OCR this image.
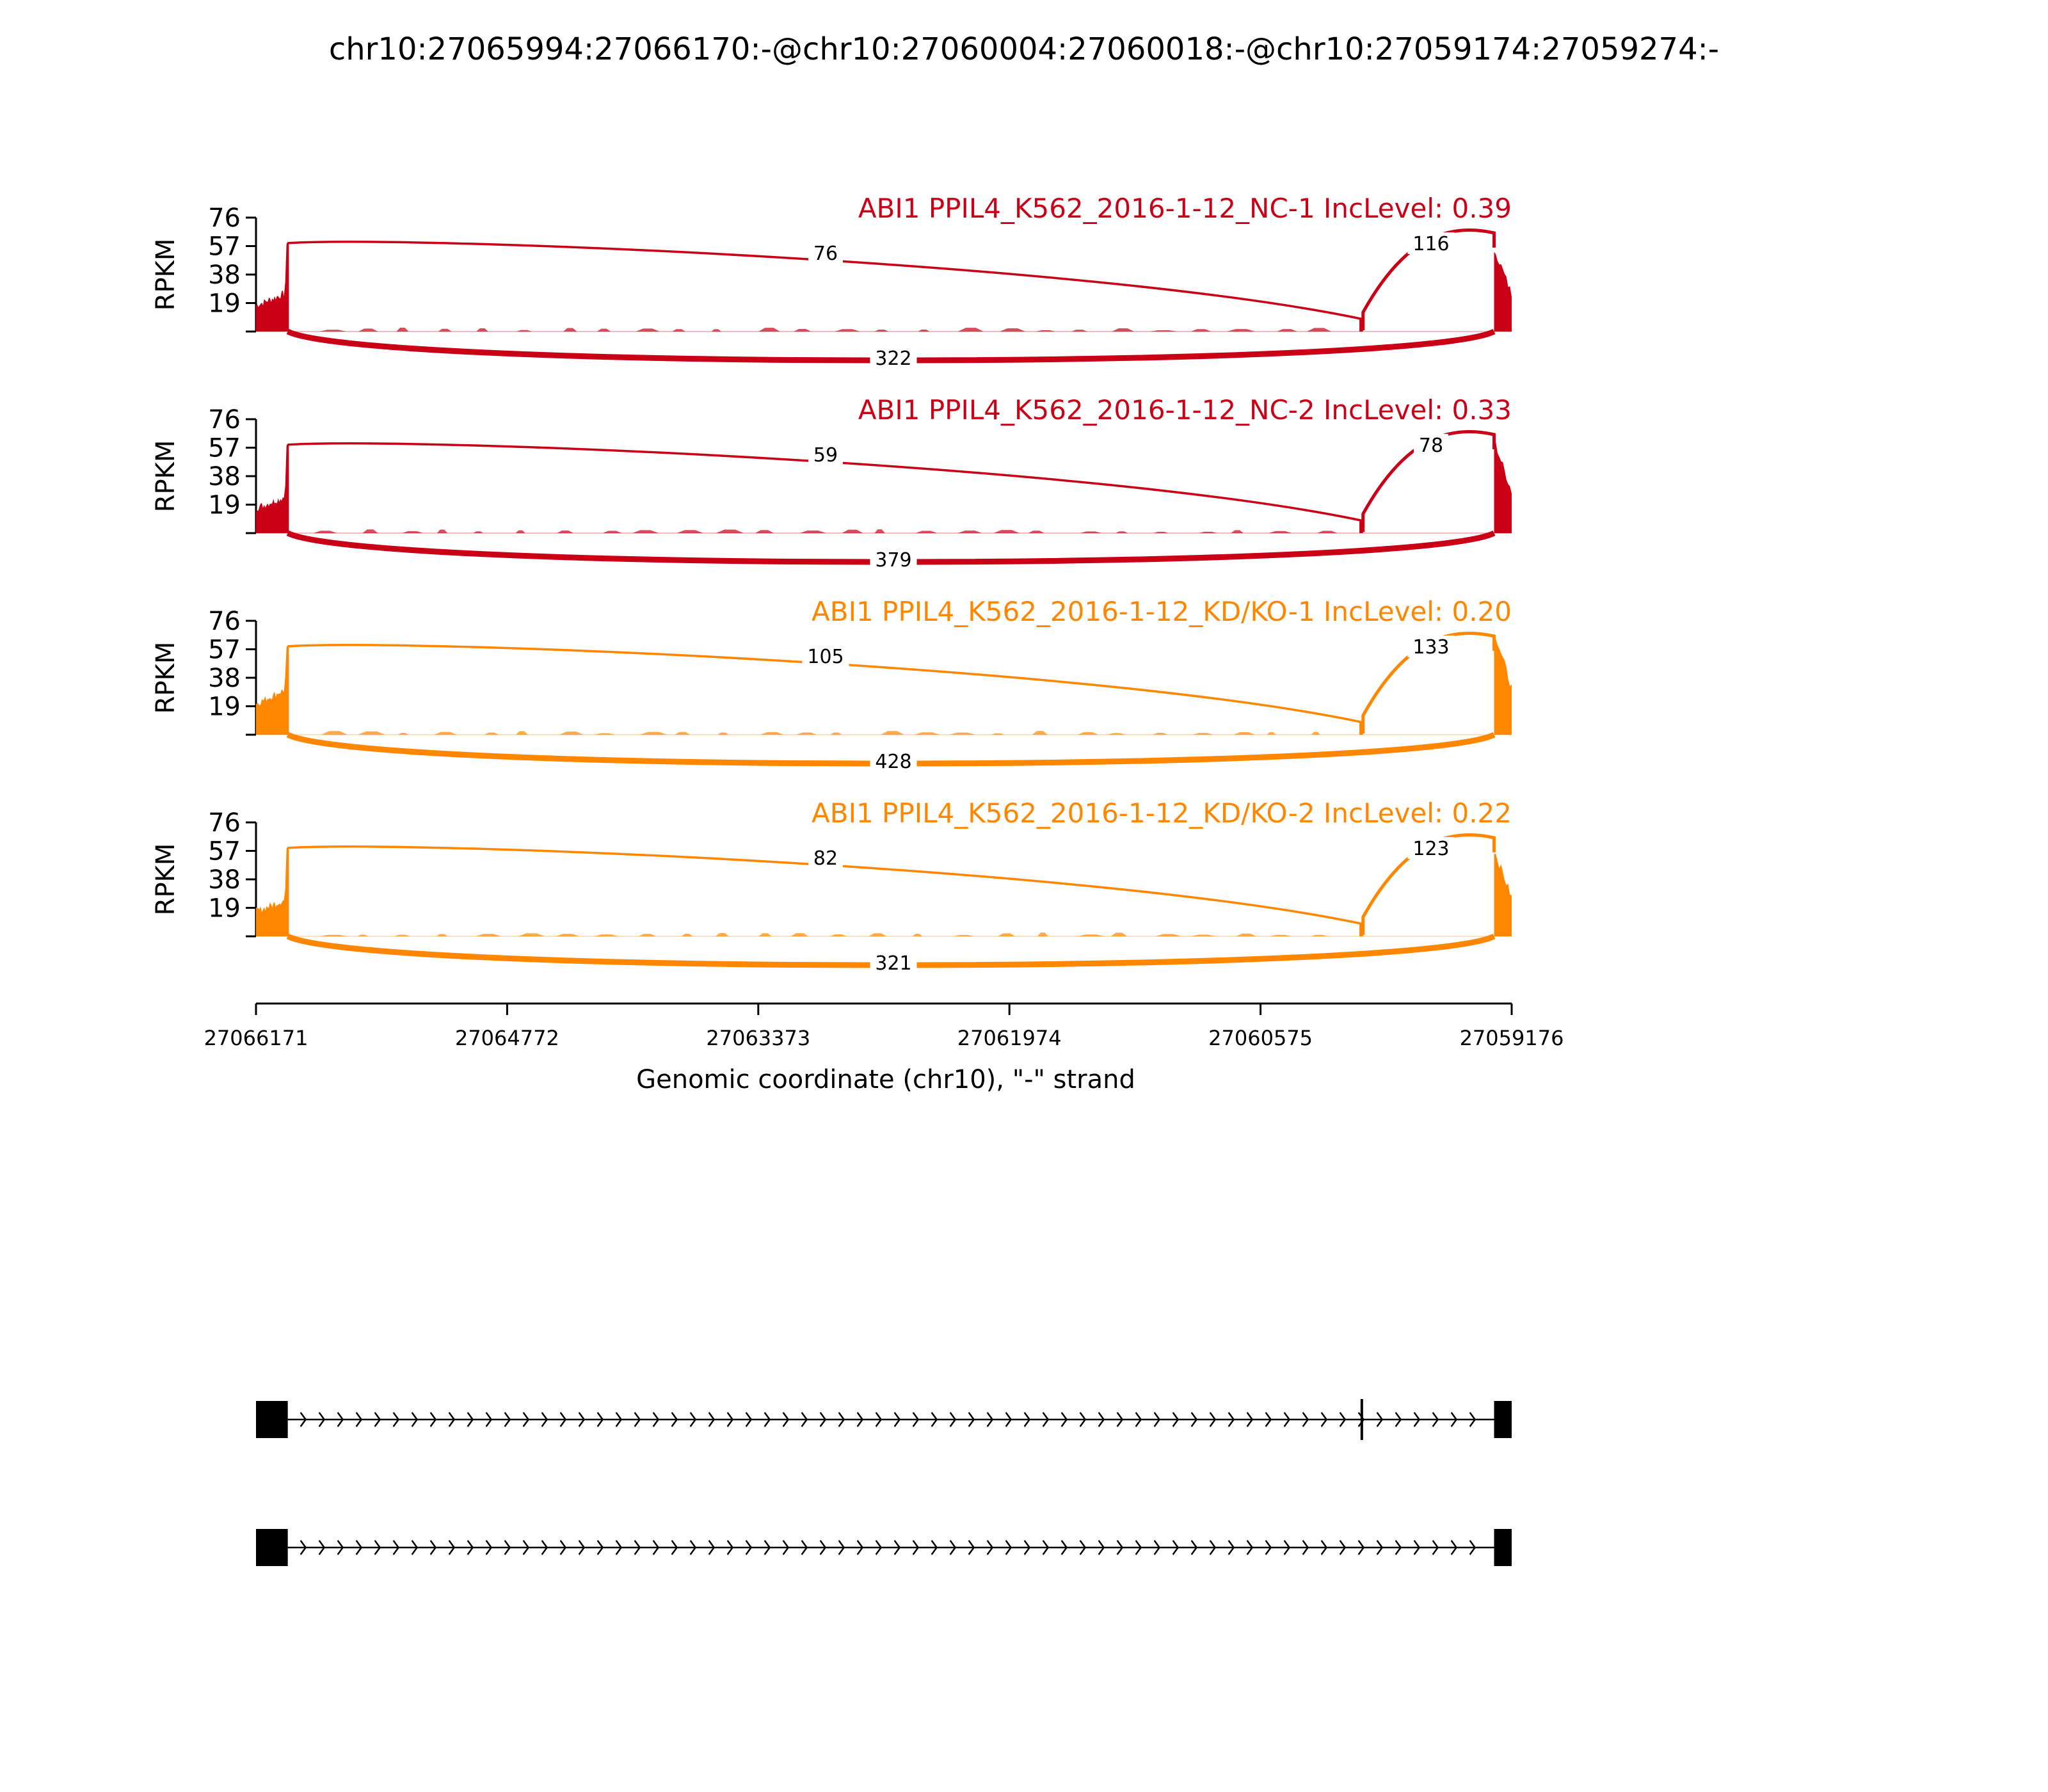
chr10:27065994:27066170:-@chr10:27060004:27060018:-@chr10:27059174:27059274:-
19
38
57
76
RPKM	76	116
322
ABI1 PPIL4_K562_2016-1-12_NC-1 IncLevel: 0.39
19
38
57
76
RPKM	59	78
379
ABI1 PPIL4_K562_2016-1-12_NC-2 IncLevel: 0.33
19
38
57
76
RPKM	105	133
428
ABI1 PPIL4_K562_2016-1-12_KD/KO-1 IncLevel: 0.20
19
38
57
76
RPKM	82	123
321
ABI1 PPIL4_K562_2016-1-12_KD/KO-2 IncLevel: 0.22
27066171	27064772	27063373	27061974	27060575	27059176
Genomic coordinate (chr10), "-" strand
